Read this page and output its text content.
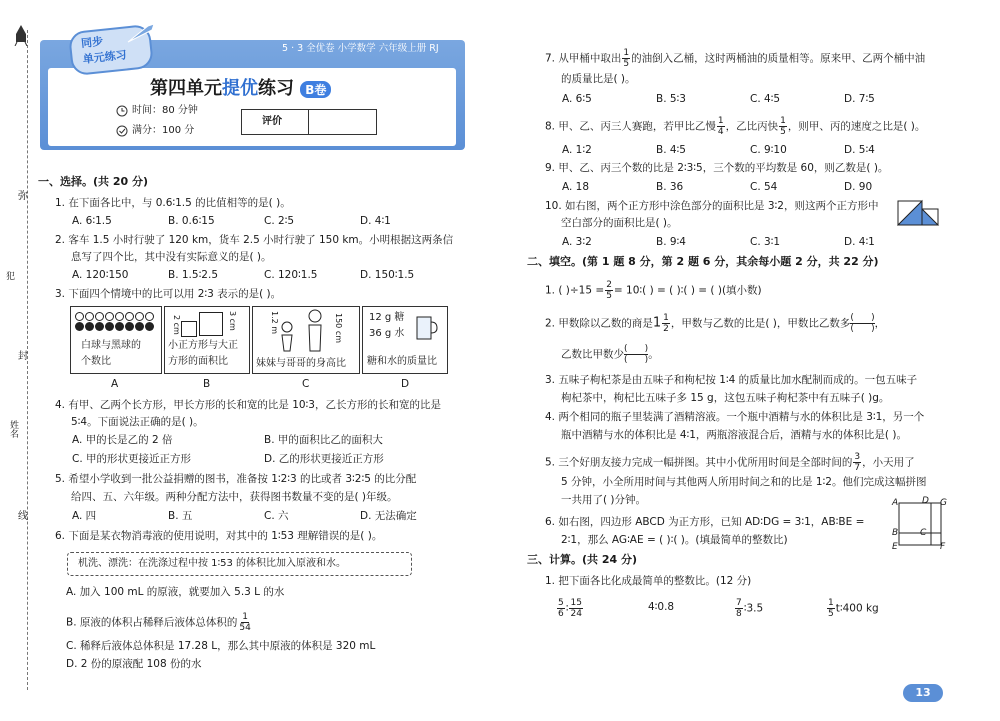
弥
封
线
犯
姓名
同步
单元练习	5 · 3 全优卷 小学数学 六年级上册 RJ
第四单元提优练习 B卷
时间：80 分钟
满分：100 分
评价
一、选择。(共 20 分)
1. 在下面各比中，与 0.6∶1.5 的比值相等的是( )。
A. 6∶1.5	B. 0.6∶15	C. 2∶5	D. 4∶1
2. 客车 1.5 小时行驶了 120 km，货车 2.5 小时行驶了 150 km。小明根据这两条信
息写了四个比，其中没有实际意义的是( )。
A. 120∶150	B. 1.5∶2.5	C. 120∶1.5	D. 150∶1.5
3. 下面四个情境中的比可以用 2∶3 表示的是( )。

白球与黑球的
个数比
2 cm	3 cm
小正方形与大正
方形的面积比
1.2 m	150 cm
妹妹与哥哥的身高比
12 g 糖
36 g 水
糖和水的质量比
A	B	C	D
4. 有甲、乙两个长方形，甲长方形的长和宽的比是 10∶3，乙长方形的长和宽的比是
5∶4。下面说法正确的是( )。
A. 甲的长是乙的 2 倍	B. 甲的面积比乙的面积大
C. 甲的形状更接近正方形	D. 乙的形状更接近正方形
5. 希望小学收到一批公益捐赠的图书，准备按 1∶2∶3 的比或者 3∶2∶5 的比分配
给四、五、六年级。两种分配方法中，获得图书数量不变的是( )年级。
A. 四	B. 五	C. 六	D. 无法确定
6. 下面是某衣物消毒液的使用说明，对其中的 1∶53 理解错误的是( )。
机洗、漂洗：在洗涤过程中按 1∶53 的体积比加入原液和水。
A. 加入 100 mL 的原液，就要加入 5.3 L 的水
B. 原液的体积占稀释后液体总体积的 $\frac{1}{54}$
C. 稀释后液体总体积是 17.28 L，那么其中原液的体积是 320 mL
D. 2 份的原液配 108 份的水
7. 从甲桶中取出 $\frac{1}{5}$ 的油倒入乙桶，这时两桶油的质量相等。原来甲、乙两个桶中油
的质量比是( )。
A. 6∶5	B. 5∶3	C. 4∶5	D. 7∶5
8. 甲、乙、丙三人赛跑，若甲比乙慢 $\frac{1}{4}$ ，乙比丙快 $\frac{1}{5}$ ，则甲、丙的速度之比是( )。
A. 1∶2	B. 4∶5	C. 9∶10	D. 5∶4
9. 甲、乙、丙三个数的比是 2∶3∶5，三个数的平均数是 60，则乙数是( )。
A. 18	B. 36	C. 54	D. 90
10. 如右图，两个正方形中涂色部分的面积比是 3∶2，则这两个正方形中
空白部分的面积比是( )。
A. 3∶2	B. 9∶4	C. 3∶1	D. 4∶1
二、填空。(第 1 题 8 分，第 2 题 6 分，其余每小题 2 分，共 22 分)
1. ( )$\div 15 = \frac{2}{5}$ = 10∶( ) = ( )∶( ) = ( )(填小数)
2. 甲数除以乙数的商是$1 \frac{1}{2}$ ，甲数与乙数的比是( )，甲数比乙数多 $\frac{( )}{( )}$ ，
乙数比甲数少 $\frac{( )}{( )}$ 。
3. 五味子枸杞茶是由五味子和枸杞按 1∶4 的质量比加水配制而成的。一包五味子
枸杞茶中，枸杞比五味子多 15 g，这包五味子枸杞茶中有五味子( )g。
4. 两个相同的瓶子里装满了酒精溶液。一个瓶中酒精与水的体积比是 3∶1，另一个
瓶中酒精与水的体积比是 4∶1，两瓶溶液混合后，酒精与水的体积比是( )。
5. 三个好朋友接力完成一幅拼图。其中小优所用时间是全部时间的 $\frac{3}{7}$ ，小天用了
5 分钟，小全所用时间与其他两人所用时间之和的比是 1∶2。他们完成这幅拼图
一共用了( )分钟。
6. 如右图，四边形 ABCD 为正方形，已知 AD∶DG = 3∶1，AB∶BE =
2∶1，那么 AG∶AE = ( )∶( )。(填最简单的整数比)
A	D G
B C
E	F
三、计算。(共 24 分)
1. 把下面各比化成最简单的整数比。(12 分)
$\frac{5}{6}$ ∶ $\frac{15}{24}$	4∶0.8	$\frac{7}{8}$ ∶3.5	$\frac{1}{5}$ t∶400 kg
13
